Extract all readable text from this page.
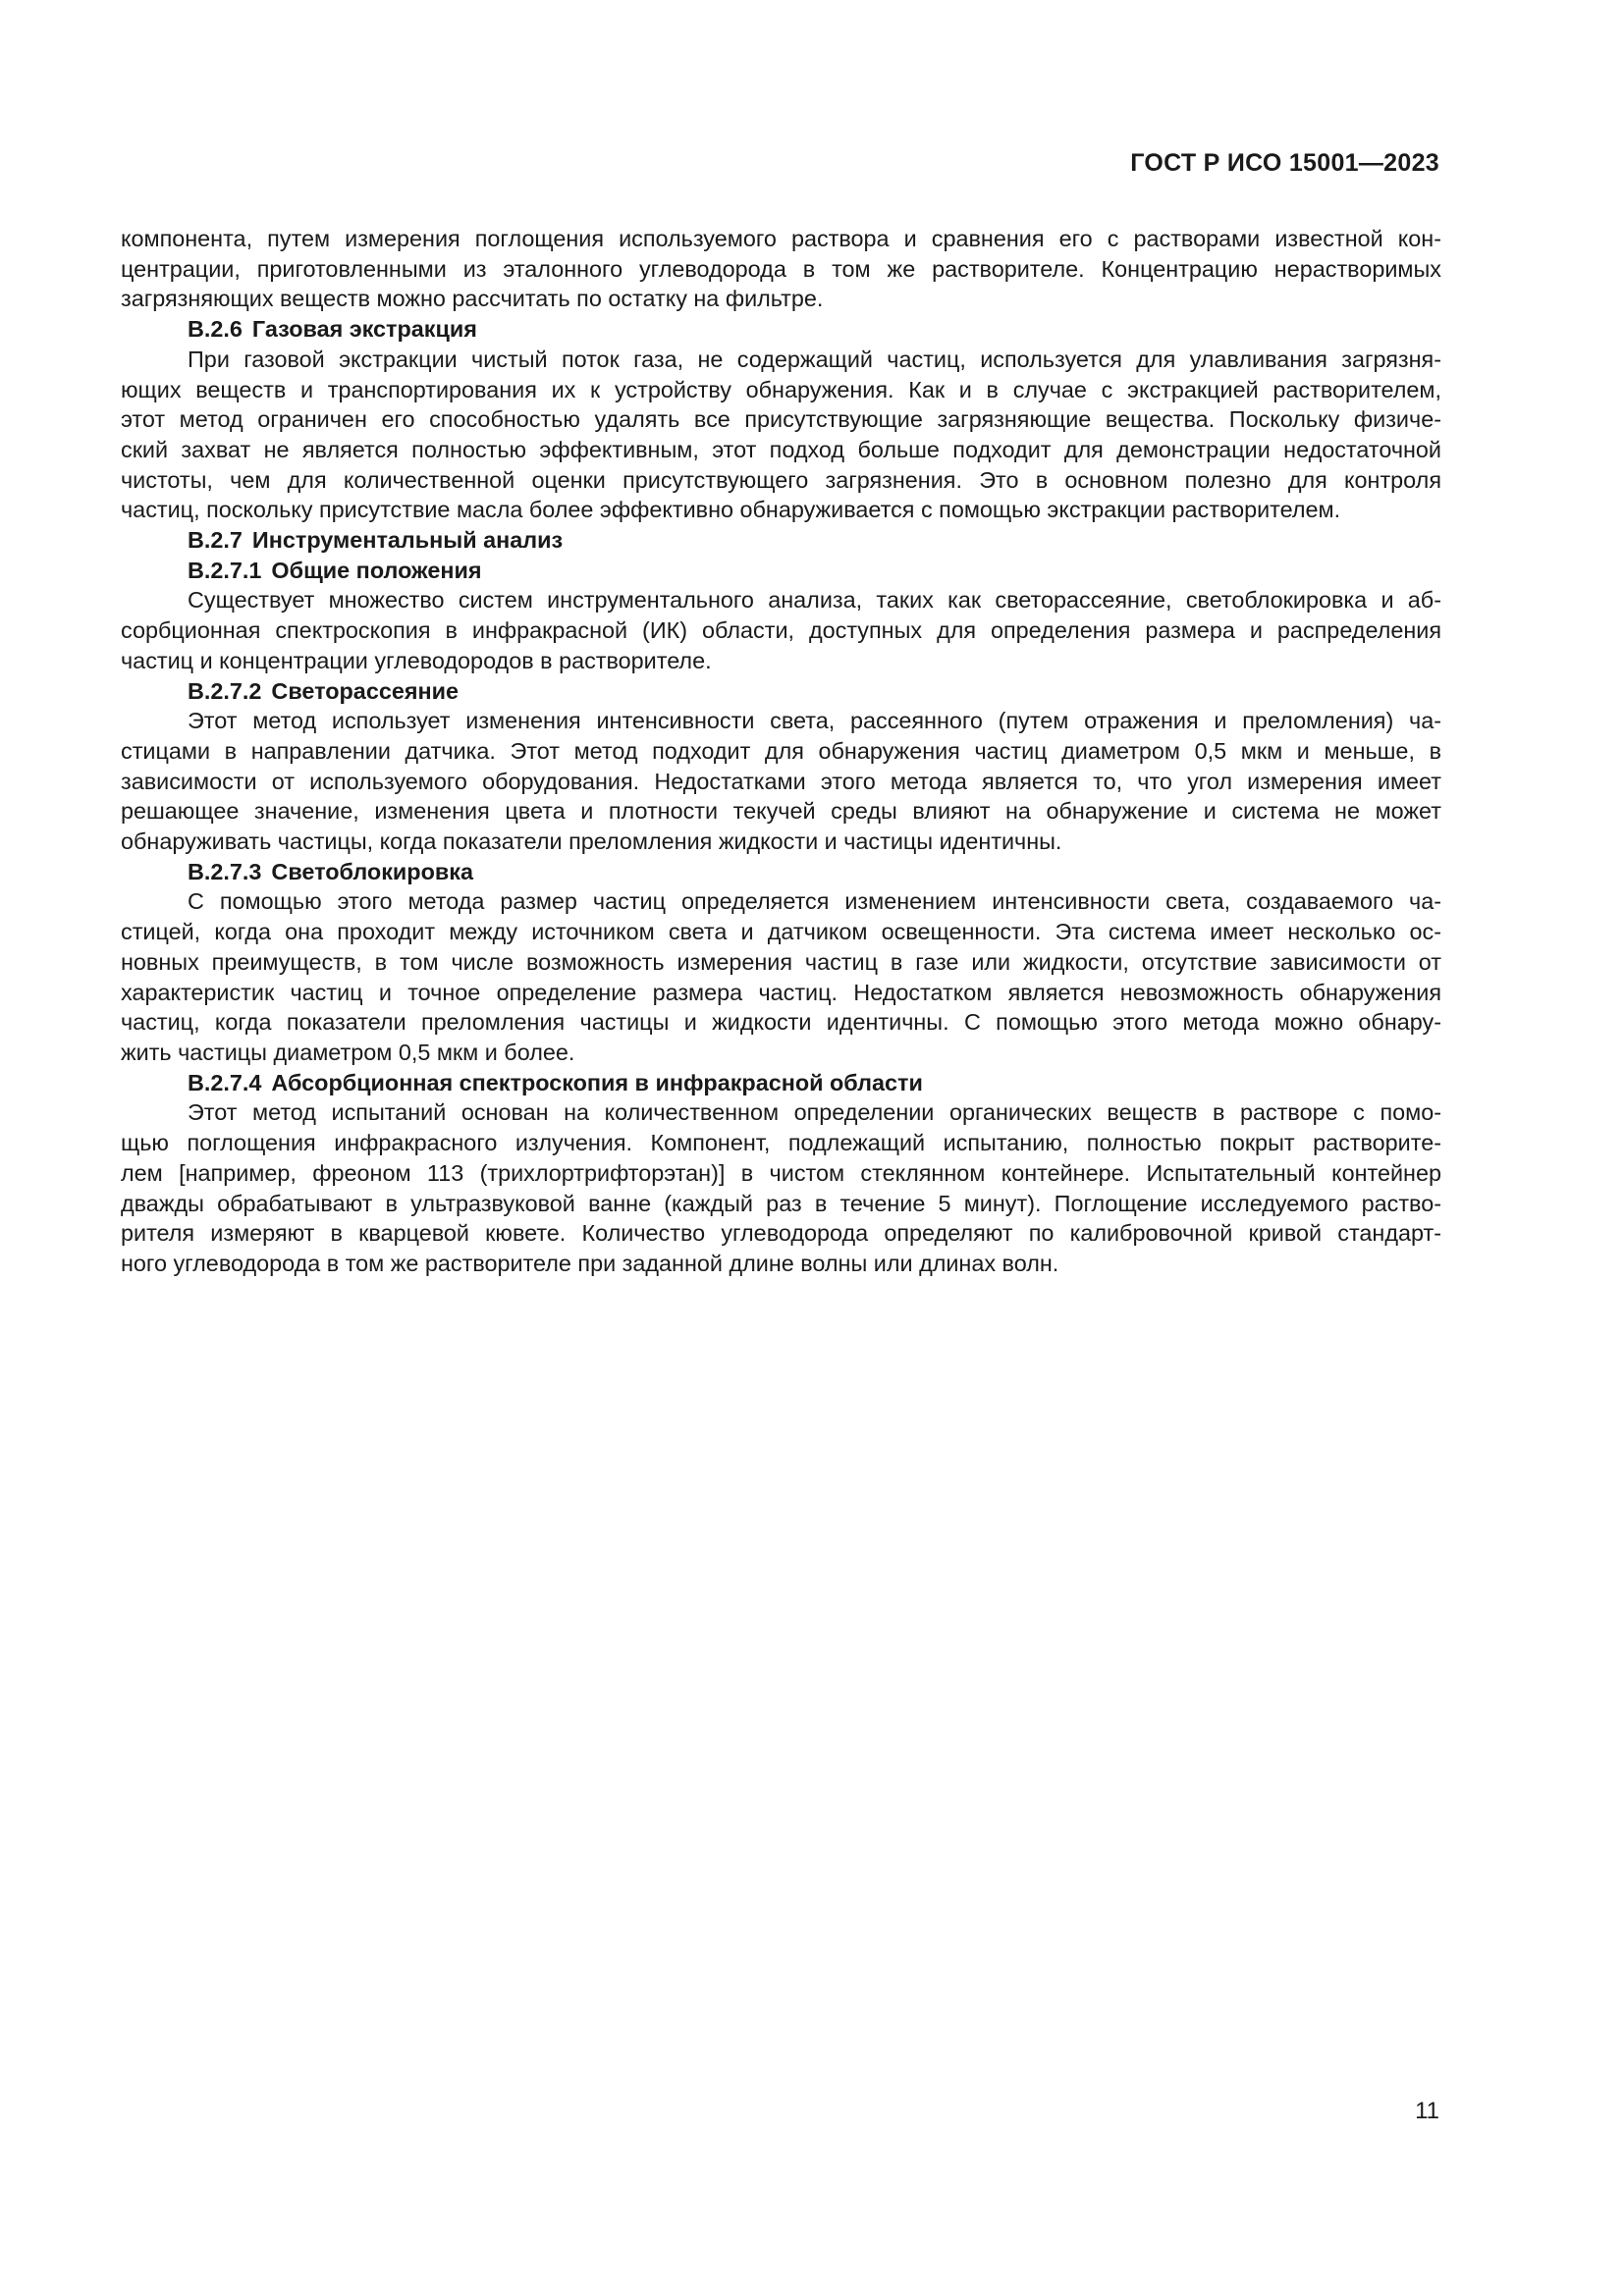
ГОСТ Р ИСО 15001—2023
компонента, путем измерения поглощения используемого раствора и сравнения его с растворами известной кон-
центрации, приготовленными из эталонного углеводорода в том же растворителе. Концентрацию нерастворимых
загрязняющих веществ можно рассчитать по остатку на фильтре.
В.2.6 Газовая экстракция
При газовой экстракции чистый поток газа, не содержащий частиц, используется для улавливания загрязня-
ющих веществ и транспортирования их к устройству обнаружения. Как и в случае с экстракцией растворителем,
этот метод ограничен его способностью удалять все присутствующие загрязняющие вещества. Поскольку физиче-
ский захват не является полностью эффективным, этот подход больше подходит для демонстрации недостаточной
чистоты, чем для количественной оценки присутствующего загрязнения. Это в основном полезно для контроля
частиц, поскольку присутствие масла более эффективно обнаруживается с помощью экстракции растворителем.
В.2.7 Инструментальный анализ
В.2.7.1 Общие положения
Существует множество систем инструментального анализа, таких как светорассеяние, светоблокировка и аб-
сорбционная спектроскопия в инфракрасной (ИК) области, доступных для определения размера и распределения
частиц и концентрации углеводородов в растворителе.
В.2.7.2 Светорассеяние
Этот метод использует изменения интенсивности света, рассеянного (путем отражения и преломления) ча-
стицами в направлении датчика. Этот метод подходит для обнаружения частиц диаметром 0,5 мкм и меньше, в
зависимости от используемого оборудования. Недостатками этого метода является то, что угол измерения имеет
решающее значение, изменения цвета и плотности текучей среды влияют на обнаружение и система не может
обнаруживать частицы, когда показатели преломления жидкости и частицы идентичны.
В.2.7.3 Светоблокировка
С помощью этого метода размер частиц определяется изменением интенсивности света, создаваемого ча-
стицей, когда она проходит между источником света и датчиком освещенности. Эта система имеет несколько ос-
новных преимуществ, в том числе возможность измерения частиц в газе или жидкости, отсутствие зависимости от
характеристик частиц и точное определение размера частиц. Недостатком является невозможность обнаружения
частиц, когда показатели преломления частицы и жидкости идентичны. С помощью этого метода можно обнару-
жить частицы диаметром 0,5 мкм и более.
В.2.7.4 Абсорбционная спектроскопия в инфракрасной области
Этот метод испытаний основан на количественном определении органических веществ в растворе с помо-
щью поглощения инфракрасного излучения. Компонент, подлежащий испытанию, полностью покрыт растворите-
лем [например, фреоном 113 (трихлортрифторэтан)] в чистом стеклянном контейнере. Испытательный контейнер
дважды обрабатывают в ультразвуковой ванне (каждый раз в течение 5 минут). Поглощение исследуемого раство-
рителя измеряют в кварцевой кювете. Количество углеводорода определяют по калибровочной кривой стандарт-
ного углеводорода в том же растворителе при заданной длине волны или длинах волн.
11
